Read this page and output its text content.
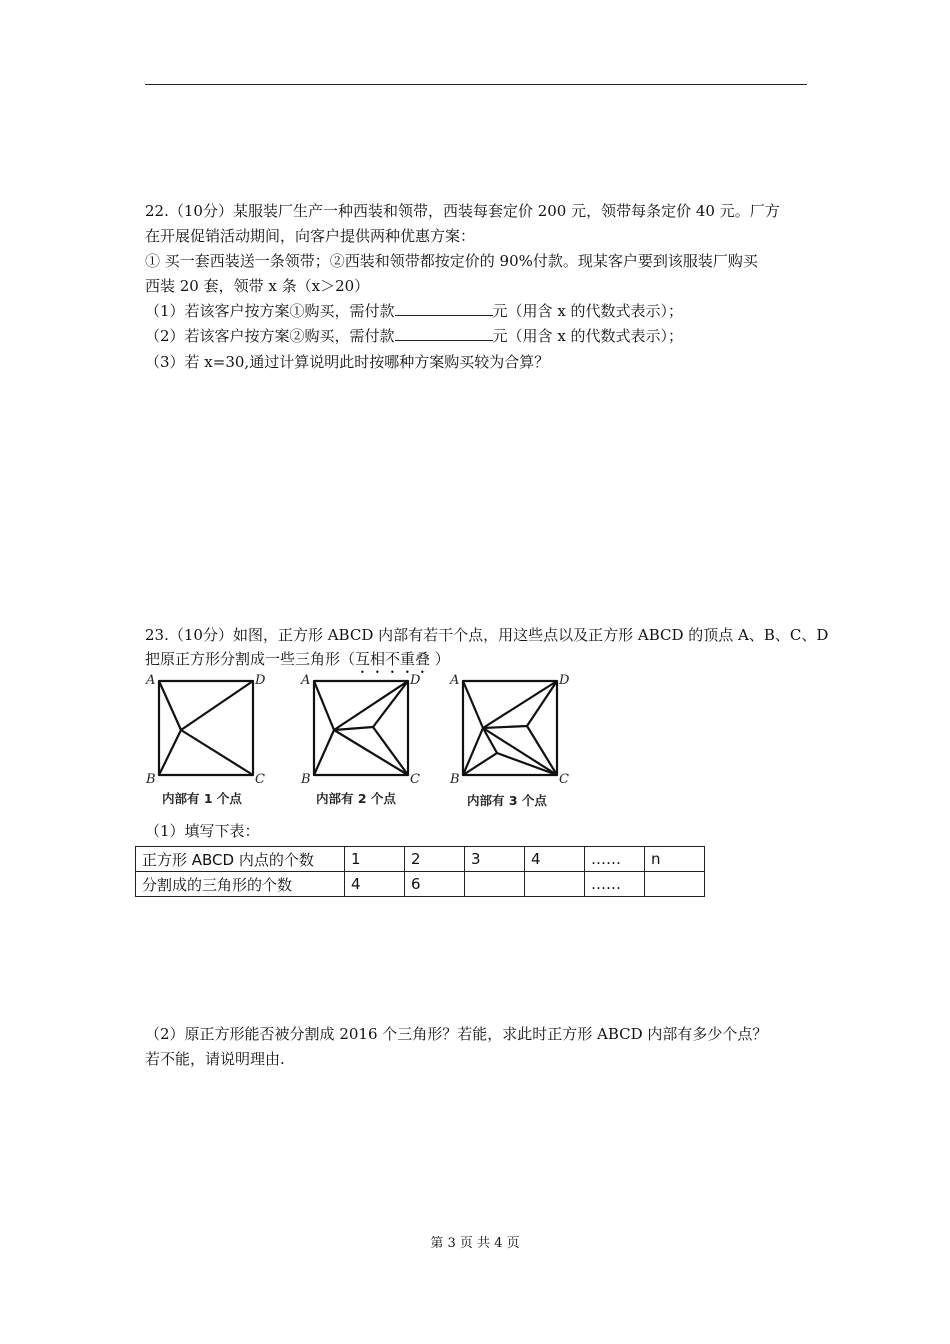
22.（10分）某服装厂生产一种西装和领带，西装每套定价 200 元，领带每条定价 40 元。厂方
在开展促销活动期间，向客户提供两种优惠方案：
① 买一套西装送一条领带；②西装和领带都按定价的 90%付款。现某客户要到该服装厂购买
西装 20 套，领带 x 条（x＞20）
（1）若该客户按方案①购买，需付款	元（用含 x 的代数式表示）；
（2）若该客户按方案②购买，需付款	元（用含 x 的代数式表示）；
（3）若 x=30,通过计算说明此时按哪种方案购买较为合算？
23.（10分）如图，正方形 ABCD 内部有若干个点，用这些点以及正方形 ABCD 的顶点 A、B、C、D
把原正方形分割成一些三角形（互相不重叠 ）
A	D
B	C
内部有 1 个点
A	D
B	C
内部有 2 个点
A	D
B	C
内部有 3 个点
（1）填写下表：
正方形 ABCD 内点的个数	1	2	3	4	……	n
分割成的三角形的个数	4	6			……	
（2）原正方形能否被分割成 2016 个三角形？若能，求此时正方形 ABCD 内部有多少个点？
若不能，请说明理由.
第 3 页 共 4 页
